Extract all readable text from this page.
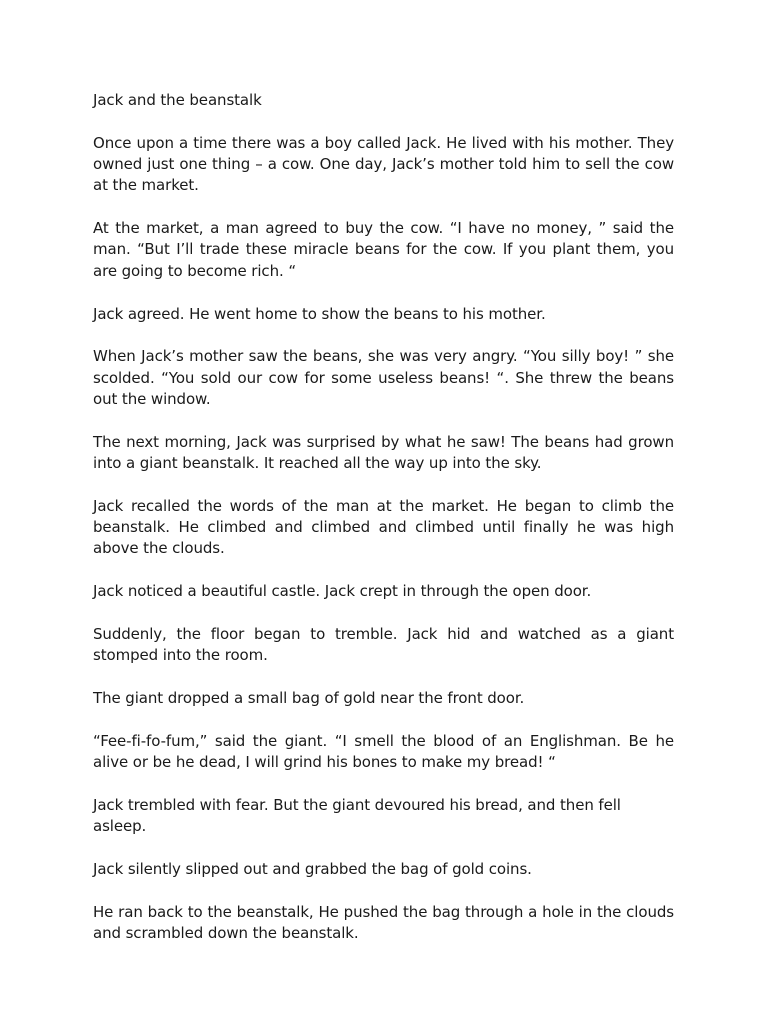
Jack and the beanstalk

Once upon a time there was a boy called Jack. He lived with his mother. They owned just one thing – a cow. One day, Jack’s mother told him to sell the cow at the market.

At the market, a man agreed to buy the cow. “I have no money, ” said the man. “But I’ll trade these miracle beans for the cow. If you plant them, you are going to become rich. “

Jack agreed. He went home to show the beans to his mother.

When Jack’s mother saw the beans, she was very angry. “You silly boy! ” she scolded. “You sold our cow for some useless beans! “. She threw the beans out the window.

The next morning, Jack was surprised by what he saw! The beans had grown into a giant beanstalk. It reached all the way up into the sky.

Jack recalled the words of the man at the market. He began to climb the beanstalk. He climbed and climbed and climbed until finally he was high above the clouds.

Jack noticed a beautiful castle. Jack crept in through the open door.

Suddenly, the floor began to tremble. Jack hid and watched as a giant stomped into the room.

The giant dropped a small bag of gold near the front door.

“Fee-fi-fo-fum,” said the giant. “I smell the blood of an Englishman. Be he alive or be he dead, I will grind his bones to make my bread! “

Jack trembled with fear. But the giant devoured his bread, and then fell asleep.

Jack silently slipped out and grabbed the bag of gold coins.

He ran back to the beanstalk, He pushed the bag through a hole in the clouds and scrambled down the beanstalk.
